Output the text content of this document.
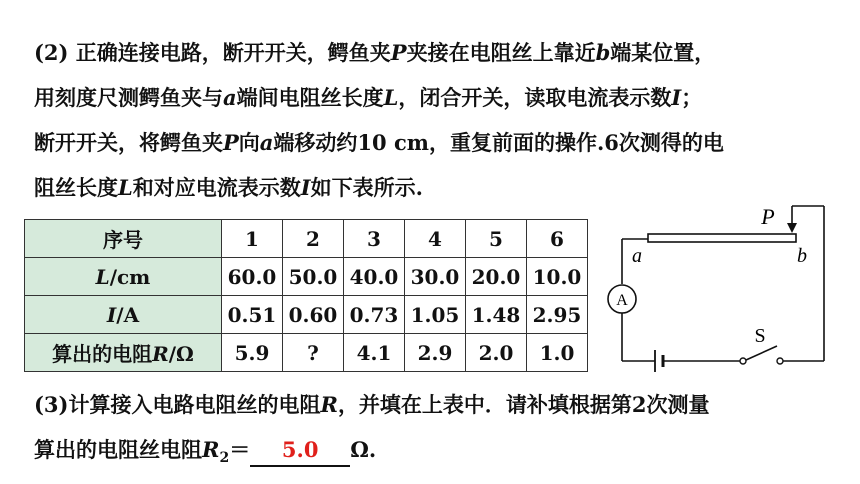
(2) 正确连接电路，断开开关，鳄鱼夹P夹接在电阻丝上靠近b端某位置，
用刻度尺测鳄鱼夹与a端间电阻丝长度L，闭合开关，读取电流表示数I；
断开开关，将鳄鱼夹P向a端移动约10 cm，重复前面的操作.6次测得的电
阻丝长度L和对应电流表示数I如下表所示.
序号	1	2	3	4	5	6
L/cm	60.0	50.0	40.0	30.0	20.0	10.0
I/A	0.51	0.60	0.73	1.05	1.48	2.95
算出的电阻R/Ω	5.9	?	4.1	2.9	2.0	1.0
A
S
P
a	b
(3)计算接入电路电阻丝的电阻R，并填在上表中．请补填根据第2次测量
算出的电阻丝电阻$R_2= 5.0$ Ω.
